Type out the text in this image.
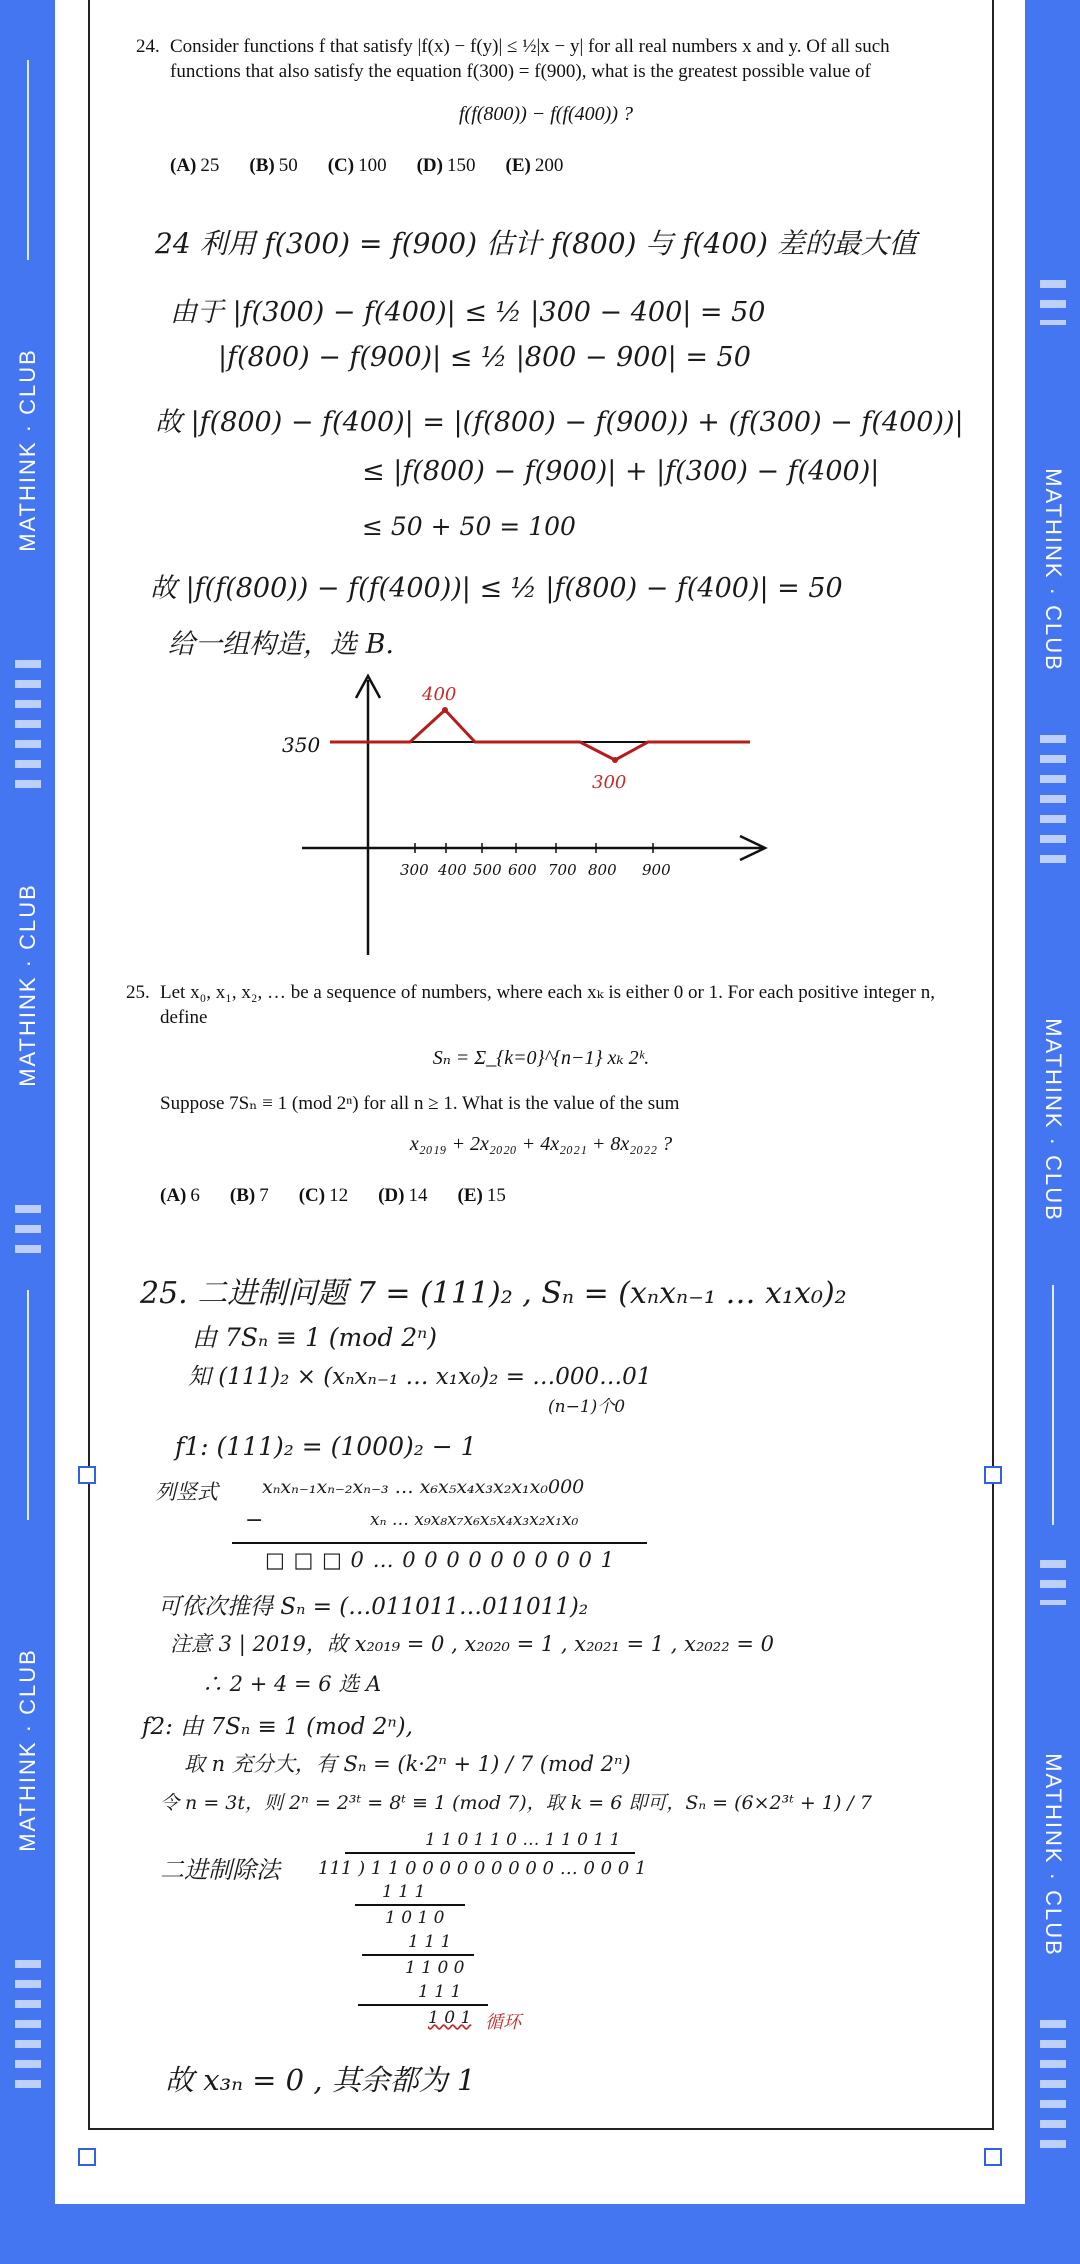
MATHINK · CLUB
MATHINK · CLUB
MATHINK · CLUB
MATHINK · CLUB
MATHINK · CLUB
MATHINK · CLUB
24. Consider functions f that satisfy |f(x) − f(y)| ≤ ½|x − y| for all real numbers x and y. Of all such functions that also satisfy the equation f(300) = f(900), what is the greatest possible value of
f(f(800)) − f(f(400)) ?
(A) 25 (B) 50 (C) 100 (D) 150 (E) 200
24 利用 f(300) = f(900) 估计 f(800) 与 f(400) 差的最大值
由于 |f(300) − f(400)| ≤ ½ |300 − 400| = 50
|f(800) − f(900)| ≤ ½ |800 − 900| = 50
故 |f(800) − f(400)| = |(f(800) − f(900)) + (f(300) − f(400))|
≤ |f(800) − f(900)| + |f(300) − f(400)|
≤ 50 + 50 = 100
故 |f(f(800)) − f(f(400))| ≤ ½ |f(800) − f(400)| = 50
给一组构造，选 B.
350
400
300
300 400 500 600 700 800 900
25. Let x₀, x₁, x₂, … be a sequence of numbers, where each xₖ is either 0 or 1. For each positive integer n, define
Sₙ = Σ_{k=0}^{n−1} xₖ 2ᵏ.
Suppose 7Sₙ ≡ 1 (mod 2ⁿ) for all n ≥ 1. What is the value of the sum
x₂₀₁₉ + 2x₂₀₂₀ + 4x₂₀₂₁ + 8x₂₀₂₂ ?
(A) 6 (B) 7 (C) 12 (D) 14 (E) 15
25. 二进制问题 7 = (111)₂ , Sₙ = (xₙxₙ₋₁ … x₁x₀)₂
由 7Sₙ ≡ 1 (mod 2ⁿ)
知 (111)₂ × (xₙxₙ₋₁ … x₁x₀)₂ = …000…01
(n−1)个0
f1: (111)₂ = (1000)₂ − 1
列竖式 xₙxₙ₋₁xₙ₋₂xₙ₋₃ … x₆x₅x₄x₃x₂x₁x₀000
−	xₙ … x₉x₈x₇x₆x₅x₄x₃x₂x₁x₀
□ □ □ 0 … 0 0 0 0 0 0 0 0 0 1
可依次推得 Sₙ = (…011011…011011)₂
注意 3 | 2019，故 x₂₀₁₉ = 0 , x₂₀₂₀ = 1 , x₂₀₂₁ = 1 , x₂₀₂₂ = 0
∴ 2 + 4 = 6 选 A
f2: 由 7Sₙ ≡ 1 (mod 2ⁿ),
取 n 充分大，有 Sₙ = (k·2ⁿ + 1) / 7 (mod 2ⁿ)
令 n = 3t，则 2ⁿ = 2³ᵗ = 8ᵗ ≡ 1 (mod 7)，取 k = 6 即可，Sₙ = (6×2³ᵗ + 1) / 7
二进制除法
1 1 0 1 1 0 … 1 1 0 1 1
111 ) 1 1 0 0 0 0 0 0 0 0 0 … 0 0 0 1
1 1 1
1 0 1 0
1 1 1
1 1 0 0
1 1 1
1 0 1 循环
故 x₃ₙ = 0 , 其余都为 1
